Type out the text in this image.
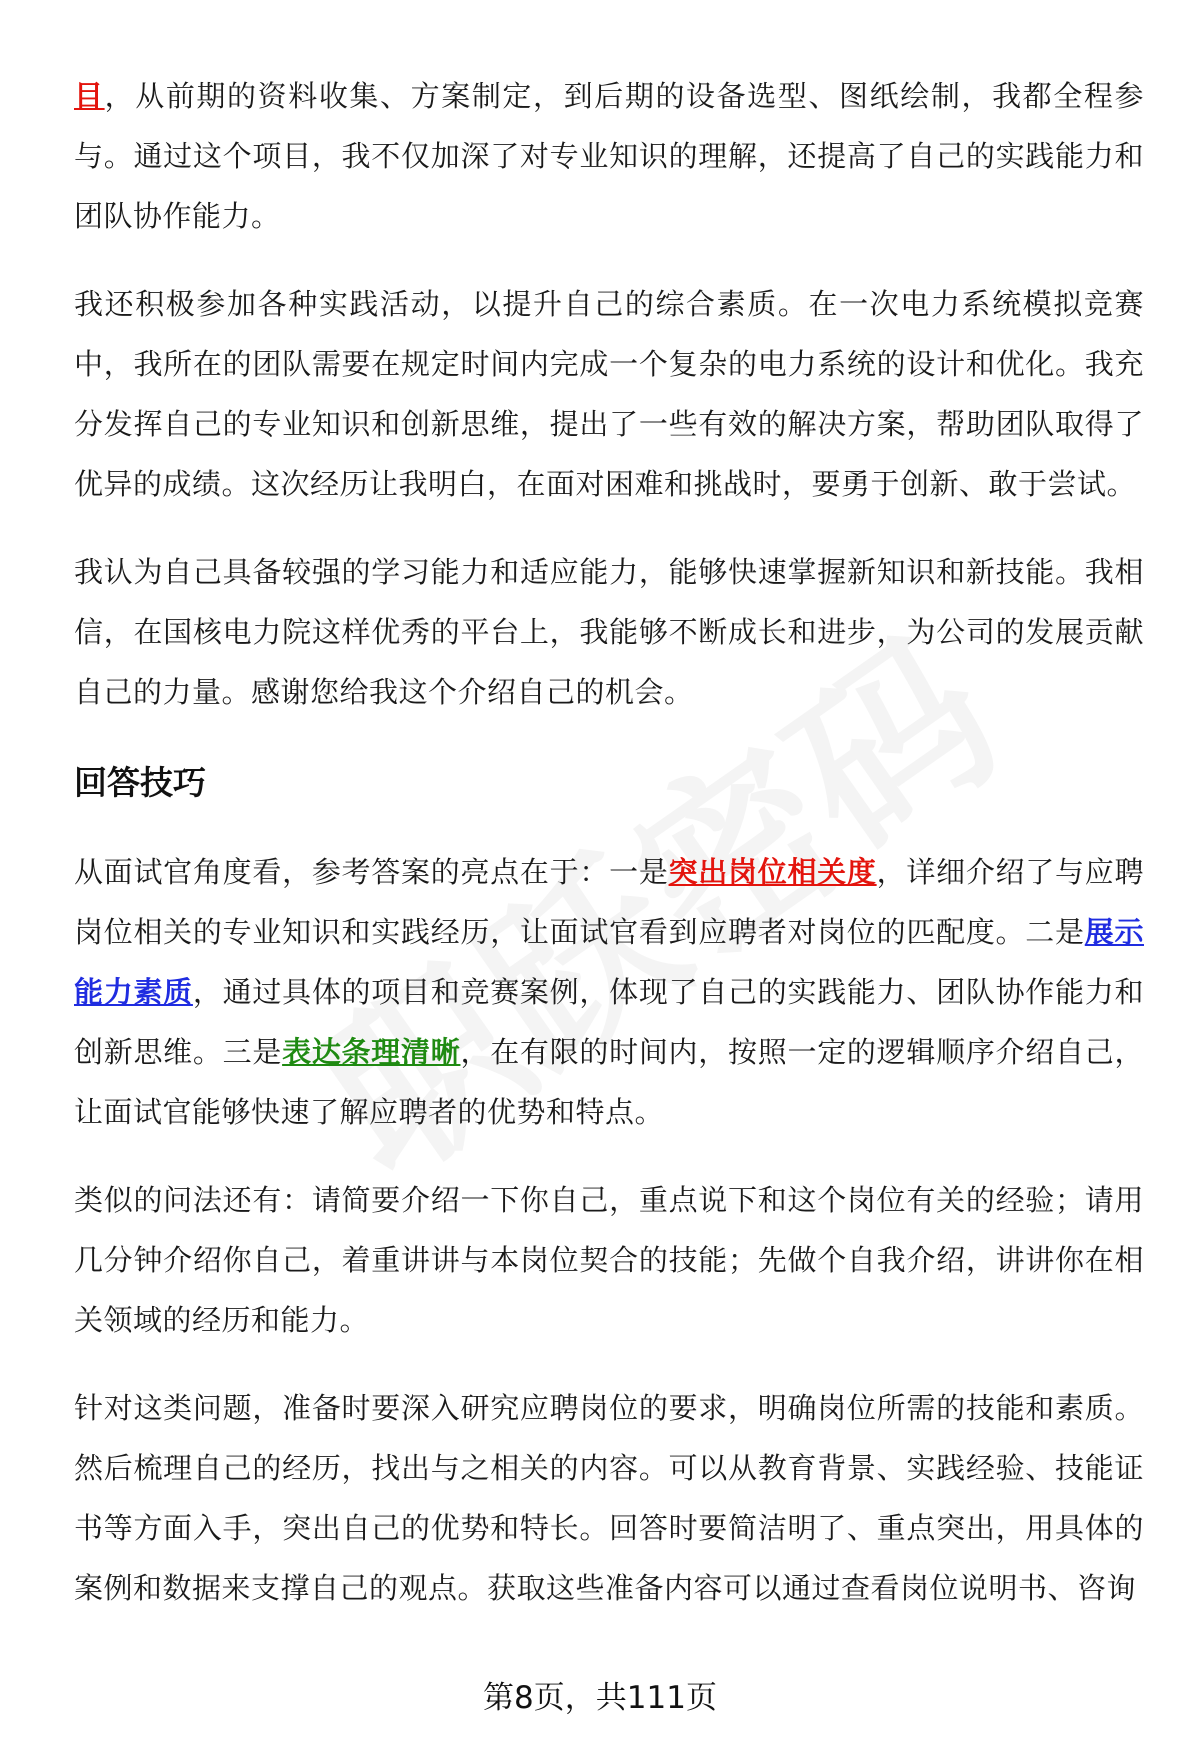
目，从前期的资料收集、方案制定，到后期的设备选型、图纸绘制，我都全程参与。通过这个项目，我不仅加深了对专业知识的理解，还提高了自己的实践能力和团队协作能力。

我还积极参加各种实践活动，以提升自己的综合素质。在一次电力系统模拟竞赛中，我所在的团队需要在规定时间内完成一个复杂的电力系统的设计和优化。我充分发挥自己的专业知识和创新思维，提出了一些有效的解决方案，帮助团队取得了优异的成绩。这次经历让我明白，在面对困难和挑战时，要勇于创新、敢于尝试。

我认为自己具备较强的学习能力和适应能力，能够快速掌握新知识和新技能。我相信，在国核电力院这样优秀的平台上，我能够不断成长和进步，为公司的发展贡献自己的力量。感谢您给我这个介绍自己的机会。

回答技巧

从面试官角度看，参考答案的亮点在于：一是突出岗位相关度，详细介绍了与应聘岗位相关的专业知识和实践经历，让面试官看到应聘者对岗位的匹配度。二是展示能力素质，通过具体的项目和竞赛案例，体现了自己的实践能力、团队协作能力和创新思维。三是表达条理清晰，在有限的时间内，按照一定的逻辑顺序介绍自己，让面试官能够快速了解应聘者的优势和特点。

类似的问法还有：请简要介绍一下你自己，重点说下和这个岗位有关的经验；请用几分钟介绍你自己，着重讲讲与本岗位契合的技能；先做个自我介绍，讲讲你在相关领域的经历和能力。

针对这类问题，准备时要深入研究应聘岗位的要求，明确岗位所需的技能和素质。然后梳理自己的经历，找出与之相关的内容。可以从教育背景、实践经验、技能证书等方面入手，突出自己的优势和特长。回答时要简洁明了、重点突出，用具体的案例和数据来支撑自己的观点。获取这些准备内容可以通过查看岗位说明书、咨询

第8页，共111页
